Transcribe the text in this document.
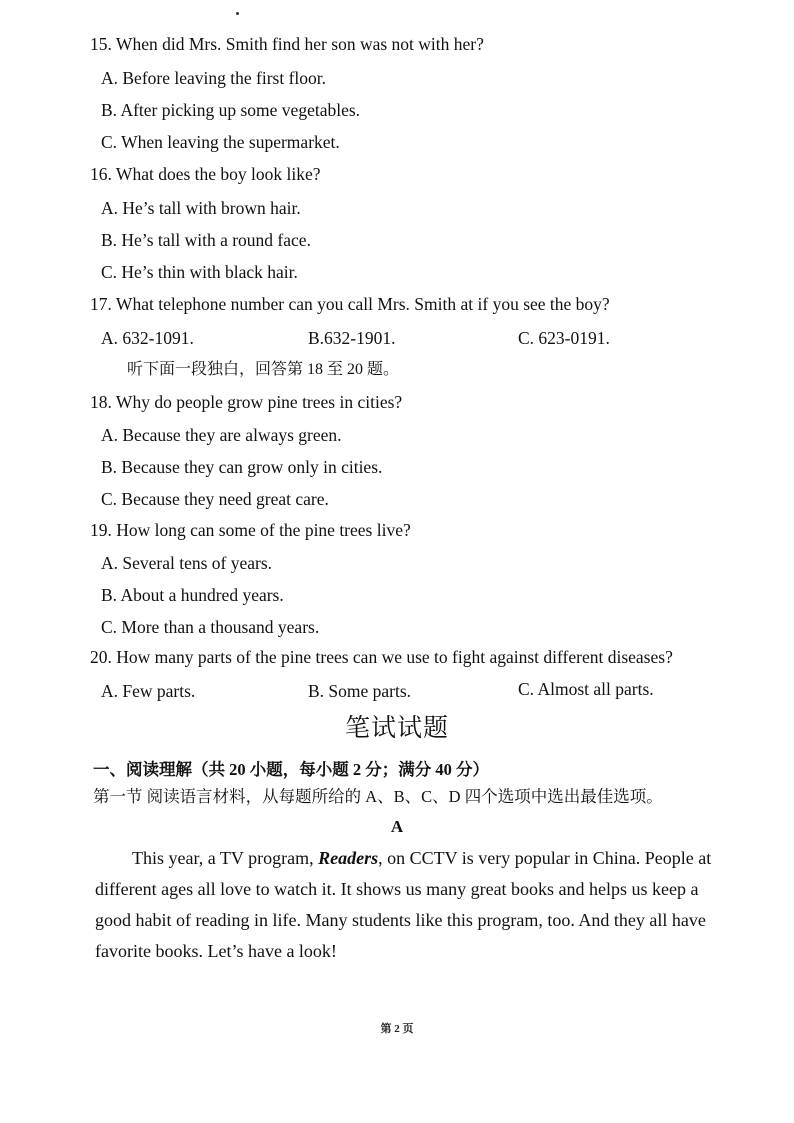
15. When did Mrs. Smith find her son was not with her?
A. Before leaving the first floor.
B. After picking up some vegetables.
C. When leaving the supermarket.
16. What does the boy look like?
A. He’s tall with brown hair.
B. He’s tall with a round face.
C. He’s thin with black hair.
17. What telephone number can you call Mrs. Smith at if you see the boy?
A. 632-1091.	B.632-1901.	C. 623-0191.
听下面一段独白，回答第 18 至 20 题。
18. Why do people grow pine trees in cities?
A. Because they are always green.
B. Because they can grow only in cities.
C. Because they need great care.
19. How long can some of the pine trees live?
A. Several tens of years.
B. About a hundred years.
C. More than a thousand years.
20. How many parts of the pine trees can we use to fight against different diseases?
A. Few parts.	B. Some parts.	C. Almost all parts.
笔试试题
一、阅读理解（共 20 小题，每小题 2 分；满分 40 分）
第一节 阅读语言材料，从每题所给的 A、B、C、D 四个选项中选出最佳选项。
A
This year, a TV program, Readers, on CCTV is very popular in China. People at
different ages all love to watch it. It shows us many great books and helps us keep a
good habit of reading in life. Many students like this program, too. And they all have
favorite books. Let’s have a look!
第 2 页
